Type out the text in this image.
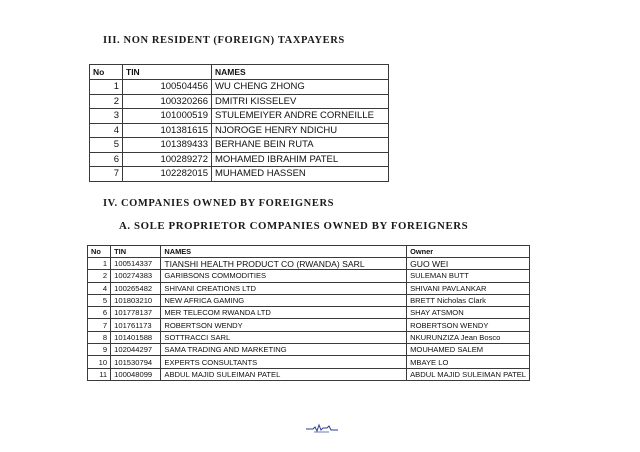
III. NON RESIDENT (FOREIGN) TAXPAYERS
No	TIN	NAMES
1	100504456	WU CHENG ZHONG
2	100320266	DMITRI KISSELEV
3	101000519	STULEMEIYER ANDRE CORNEILLE
4	101381615	NJOROGE HENRY NDICHU
5	101389433	BERHANE BEIN RUTA
6	100289272	MOHAMED IBRAHIM PATEL
7	102282015	MUHAMED HASSEN
IV. COMPANIES OWNED BY FOREIGNERS
A. SOLE PROPRIETOR COMPANIES OWNED BY FOREIGNERS
No	TIN	NAMES	Owner
1	100514337	TIANSHI HEALTH PRODUCT CO (RWANDA) SARL	GUO WEI
2	100274383	GARIBSONS COMMODITIES	SULEMAN BUTT
4	100265482	SHIVANI CREATIONS LTD	SHIVANI PAVLANKAR
5	101803210	NEW AFRICA GAMING	BRETT Nicholas Clark
6	101778137	MER TELECOM RWANDA LTD	SHAY ATSMON
7	101761173	ROBERTSON WENDY	ROBERTSON WENDY
8	101401588	SOTTRACCI SARL	NKURUNZIZA Jean Bosco
9	102044297	SAMA TRADING AND MARKETING	MOUHAMED SALEM
10	101530794	EXPERTS CONSULTANTS	MBAYE LO
11	100048099	ABDUL MAJID SULEIMAN PATEL	ABDUL MAJID SULEIMAN PATEL
